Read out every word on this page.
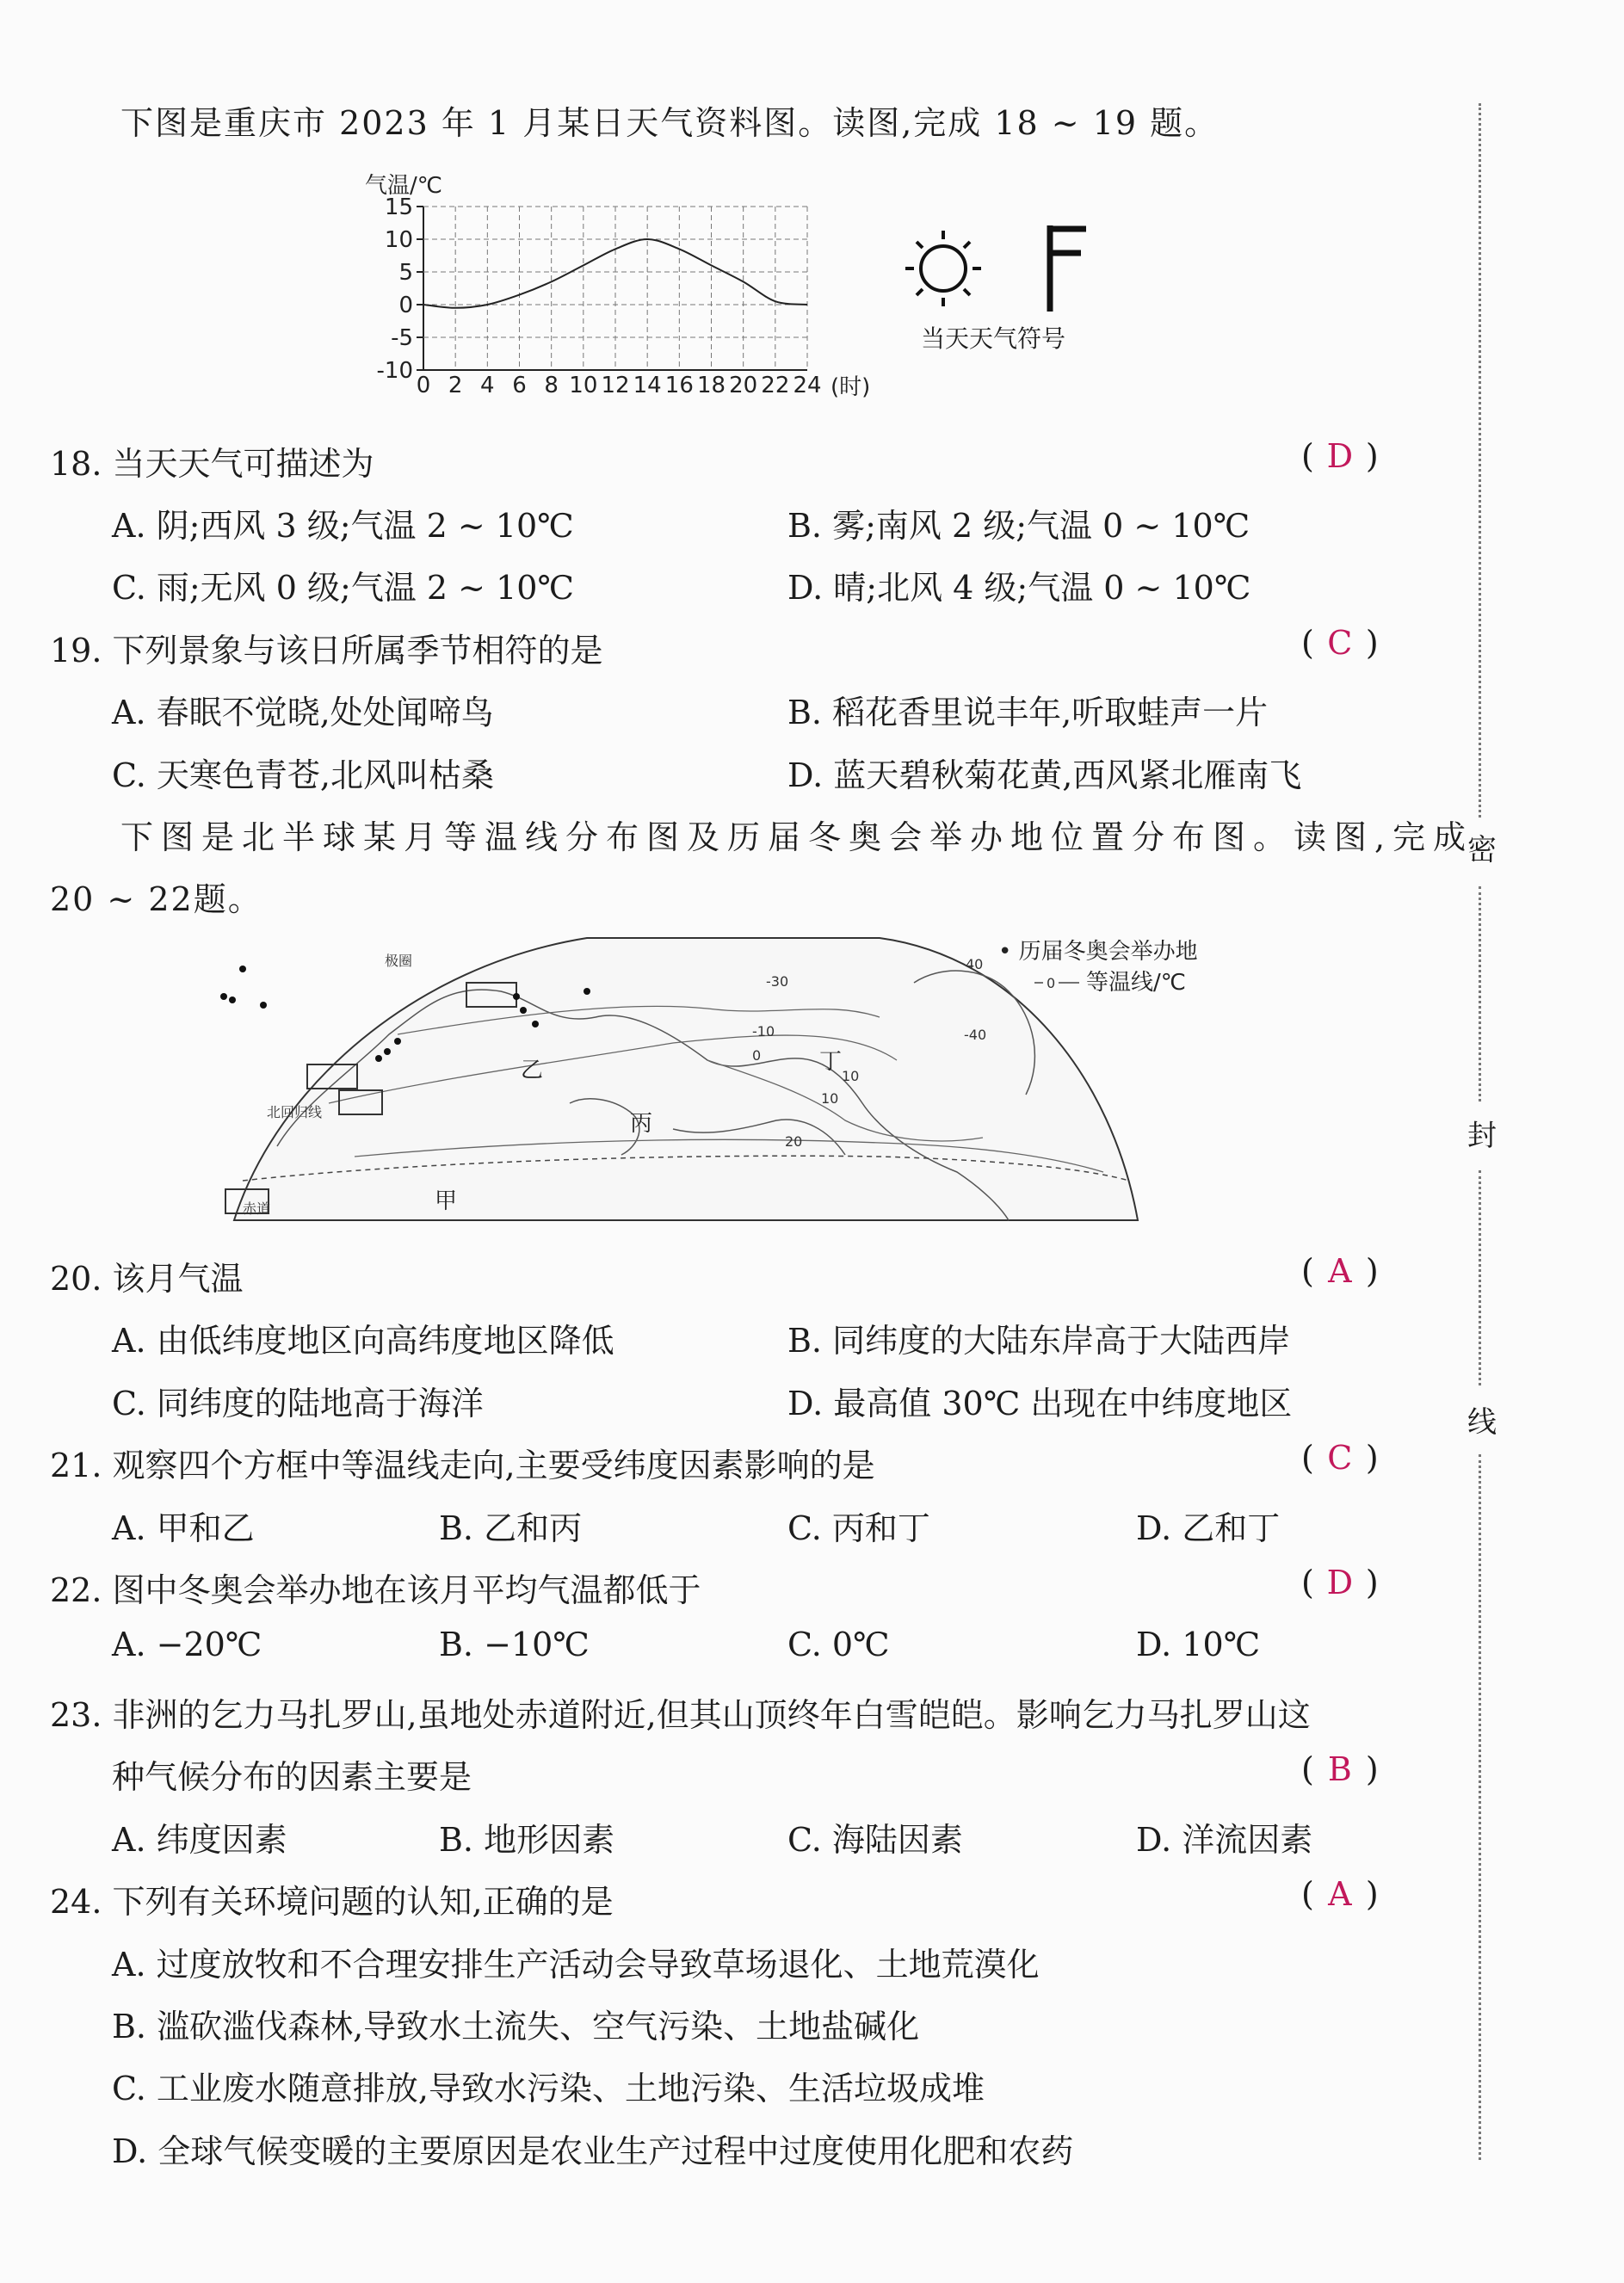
下图是重庆市 2023 年 1 月某日天气资料图。读图,完成 18 ~ 19 题。
气温/℃
0 2 4 6 8 10 12 14 16 18 20 22 24
15
10
5
0
-5
-10
(时)
当天天气符号
18. 当天天气可描述为	( D )
A. 阴;西风 3 级;气温 2 ~ 10℃	B. 雾;南风 2 级;气温 0 ~ 10℃
C. 雨;无风 0 级;气温 2 ~ 10℃	D. 晴;北风 4 级;气温 0 ~ 10℃
19. 下列景象与该日所属季节相符的是	( C )
A. 春眠不觉晓,处处闻啼鸟	B. 稻花香里说丰年,听取蛙声一片
C. 天寒色青苍,北风叫枯桑	D. 蓝天碧秋菊花黄,西风紧北雁南飞
下图是北半球某月等温线分布图及历届冬奥会举办地位置分布图。读图,完成
20 ~ 22题。
北回归线
赤道
极圈
甲
乙
丙
丁
-30
-10
0
10
20
-40
40
10
• 历届冬奥会举办地
0 等温线/℃
20. 该月气温	( A )
A. 由低纬度地区向高纬度地区降低	B. 同纬度的大陆东岸高于大陆西岸
C. 同纬度的陆地高于海洋	D. 最高值 30℃ 出现在中纬度地区
21. 观察四个方框中等温线走向,主要受纬度因素影响的是	( C )
A. 甲和乙	B. 乙和丙	C. 丙和丁	D. 乙和丁
22. 图中冬奥会举办地在该月平均气温都低于	( D )
A. −20℃	B. −10℃	C. 0℃	D. 10℃
23. 非洲的乞力马扎罗山,虽地处赤道附近,但其山顶终年白雪皑皑。影响乞力马扎罗山这
种气候分布的因素主要是	( B )
A. 纬度因素	B. 地形因素	C. 海陆因素	D. 洋流因素
24. 下列有关环境问题的认知,正确的是	( A )
A. 过度放牧和不合理安排生产活动会导致草场退化、土地荒漠化
B. 滥砍滥伐森林,导致水土流失、空气污染、土地盐碱化
C. 工业废水随意排放,导致水污染、土地污染、生活垃圾成堆
D. 全球气候变暖的主要原因是农业生产过程中过度使用化肥和农药
密
封
线
